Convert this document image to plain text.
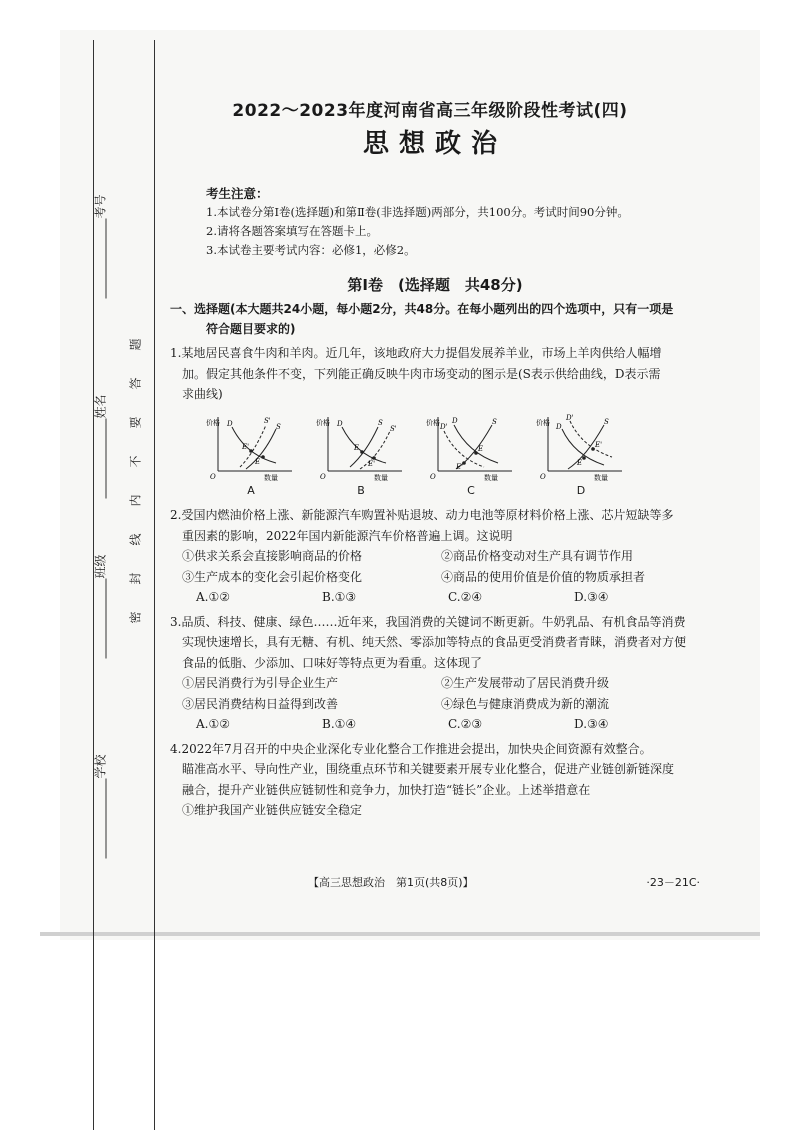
考号
姓名
班级
学校
题
答
要
不
内
线
封
密
2022～2023年度河南省高三年级阶段性考试(四)
思想政治
考生注意：
1.本试卷分第Ⅰ卷(选择题)和第Ⅱ卷(非选择题)两部分，共100分。考试时间90分钟。
2.请将各题答案填写在答题卡上。
3.本试卷主要考试内容：必修1，必修2。
第Ⅰ卷　(选择题　共48分)
一、选择题(本大题共24小题，每小题2分，共48分。在每小题列出的四个选项中，只有一项是
符合题目要求的)

1.某地居民喜食牛肉和羊肉。近几年，该地政府大力提倡发展养羊业，市场上羊肉供给人幅增

加。假定其他条件不变，下列能正确反映牛肉市场变动的图示是(S表示供给曲线，D表示需

求曲线)

价格
数量
O
D	S'
S
E'
E
A
价格
数量
O
D	S
S'
E
E'
B
价格
数量
O
D'
D	S
E
E'
C
价格
数量
O
D'
D
S
E'
E
D

2.受国内燃油价格上涨、新能源汽车购置补贴退坡、动力电池等原材料价格上涨、芯片短缺等多

重因素的影响，2022年国内新能源汽车价格普遍上调。这说明

①供求关系会直接影响商品的价格	②商品价格变动对生产具有调节作用
③生产成本的变化会引起价格变化	④商品的使用价值是价值的物质承担者
A.①②	B.①③	C.②④	D.③④

3.品质、科技、健康、绿色……近年来，我国消费的关键词不断更新。牛奶乳品、有机食品等消费

实现快速增长，具有无糖、有机、纯天然、零添加等特点的食品更受消费者青睐，消费者对方便

食品的低脂、少添加、口味好等特点更为看重。这体现了

①居民消费行为引导企业生产	②生产发展带动了居民消费升级
③居民消费结构日益得到改善	④绿色与健康消费成为新的潮流
A.①②	B.①④	C.②③	D.③④

4.2022年7月召开的中央企业深化专业化整合工作推进会提出，加快央企间资源有效整合。

瞄准高水平、导向性产业，围绕重点环节和关键要素开展专业化整合，促进产业链创新链深度

融合，提升产业链供应链韧性和竞争力，加快打造“链长”企业。上述举措意在

①维护我国产业链供应链安全稳定

【高三思想政治　第1页(共8页)】	·23－21C·
